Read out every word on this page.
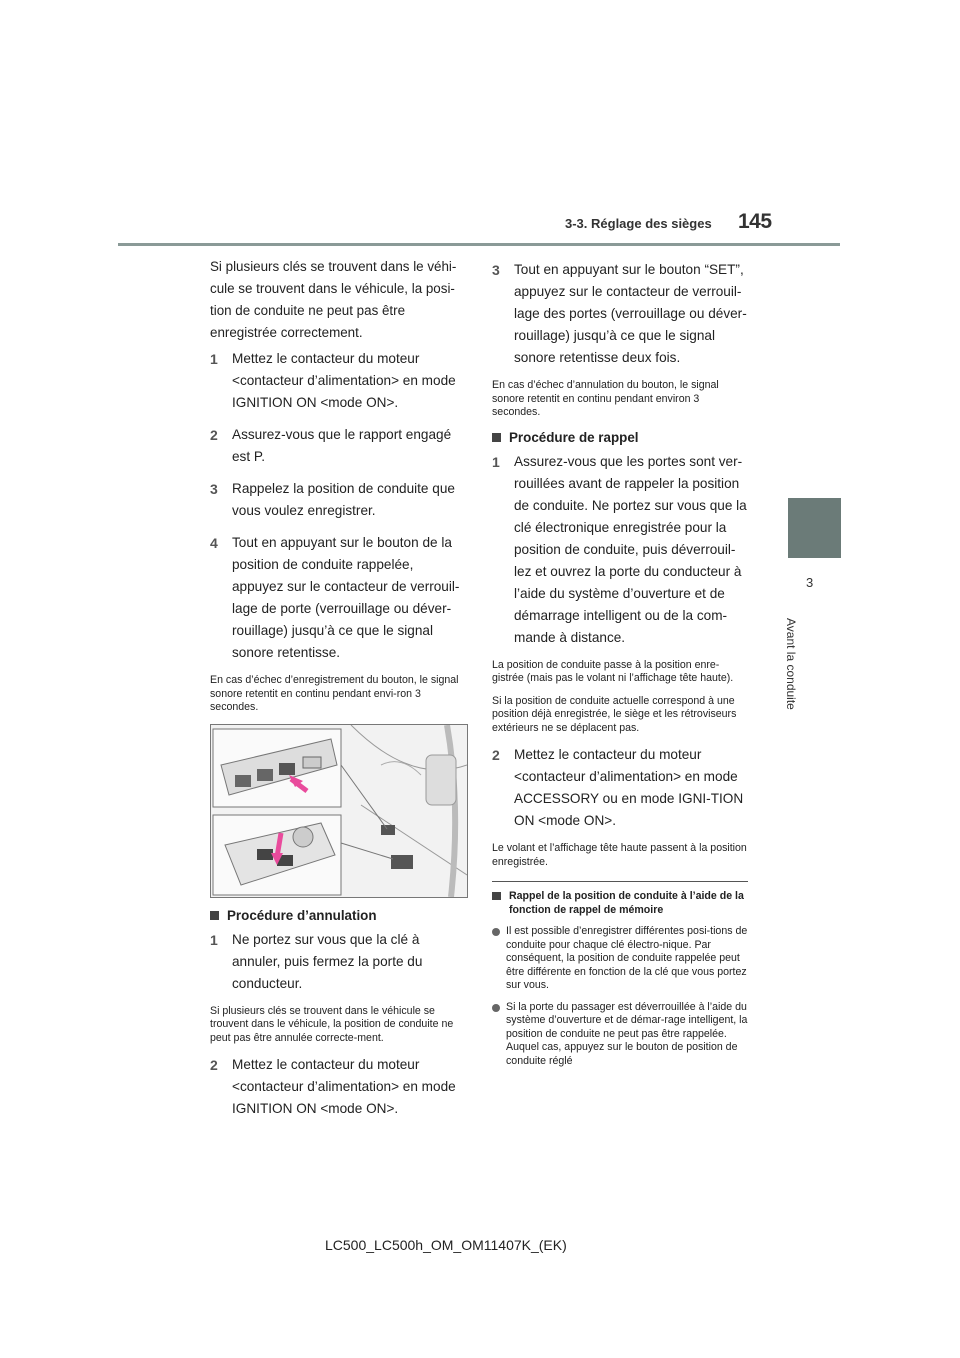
3-3. Réglage des sièges 145
3
Avant la conduite

Si plusieurs clés se trouvent dans le véhi-cule se trouvent dans le véhicule, la posi-tion de conduite ne peut pas être enregistrée correctement.

1	Mettez le contacteur du moteur <contacteur d’alimentation> en mode IGNITION ON <mode ON>.
2	Assurez-vous que le rapport engagé est P.
3	Rappelez la position de conduite que vous voulez enregistrer.
4	Tout en appuyant sur le bouton de la position de conduite rappelée, appuyez sur le contacteur de verrouil-lage de porte (verrouillage ou déver-rouillage) jusqu’à ce que le signal sonore retentisse.

En cas d’échec d’enregistrement du bouton, le signal sonore retentit en continu pendant envi-ron 3 secondes.

Procédure d’annulation
1	Ne portez sur vous que la clé à annuler, puis fermez la porte du conducteur.

Si plusieurs clés se trouvent dans le véhicule se trouvent dans le véhicule, la position de conduite ne peut pas être annulée correcte-ment.

2	Mettez le contacteur du moteur <contacteur d’alimentation> en mode IGNITION ON <mode ON>.
3	Tout en appuyant sur le bouton “SET”, appuyez sur le contacteur de verrouil-lage des portes (verrouillage ou déver-rouillage) jusqu’à ce que le signal sonore retentisse deux fois.

En cas d’échec d’annulation du bouton, le signal sonore retentit en continu pendant environ 3 secondes.

Procédure de rappel
1	Assurez-vous que les portes sont ver-rouillées avant de rappeler la position de conduite. Ne portez sur vous que la clé électronique enregistrée pour la position de conduite, puis déverrouil-lez et ouvrez la porte du conducteur à l’aide du système d’ouverture et de démarrage intelligent ou de la com-mande à distance.

La position de conduite passe à la position enre-gistrée (mais pas le volant ni l’affichage tête haute).

Si la position de conduite actuelle correspond à une position déjà enregistrée, le siège et les rétroviseurs extérieurs ne se déplacent pas.

2	Mettez le contacteur du moteur <contacteur d’alimentation> en mode ACCESSORY ou en mode IGNI-TION ON <mode ON>.

Le volant et l’affichage tête haute passent à la position enregistrée.

Rappel de la position de conduite à l’aide de la fonction de rappel de mémoire
Il est possible d’enregistrer différentes posi-tions de conduite pour chaque clé électro-nique. Par conséquent, la position de conduite rappelée peut être différente en fonction de la clé que vous portez sur vous.
Si la porte du passager est déverrouillée à l’aide du système d’ouverture et de démar-rage intelligent, la position de conduite ne peut pas être rappelée. Auquel cas, appuyez sur le bouton de position de conduite réglé
LC500_LC500h_OM_OM11407K_(EK)
